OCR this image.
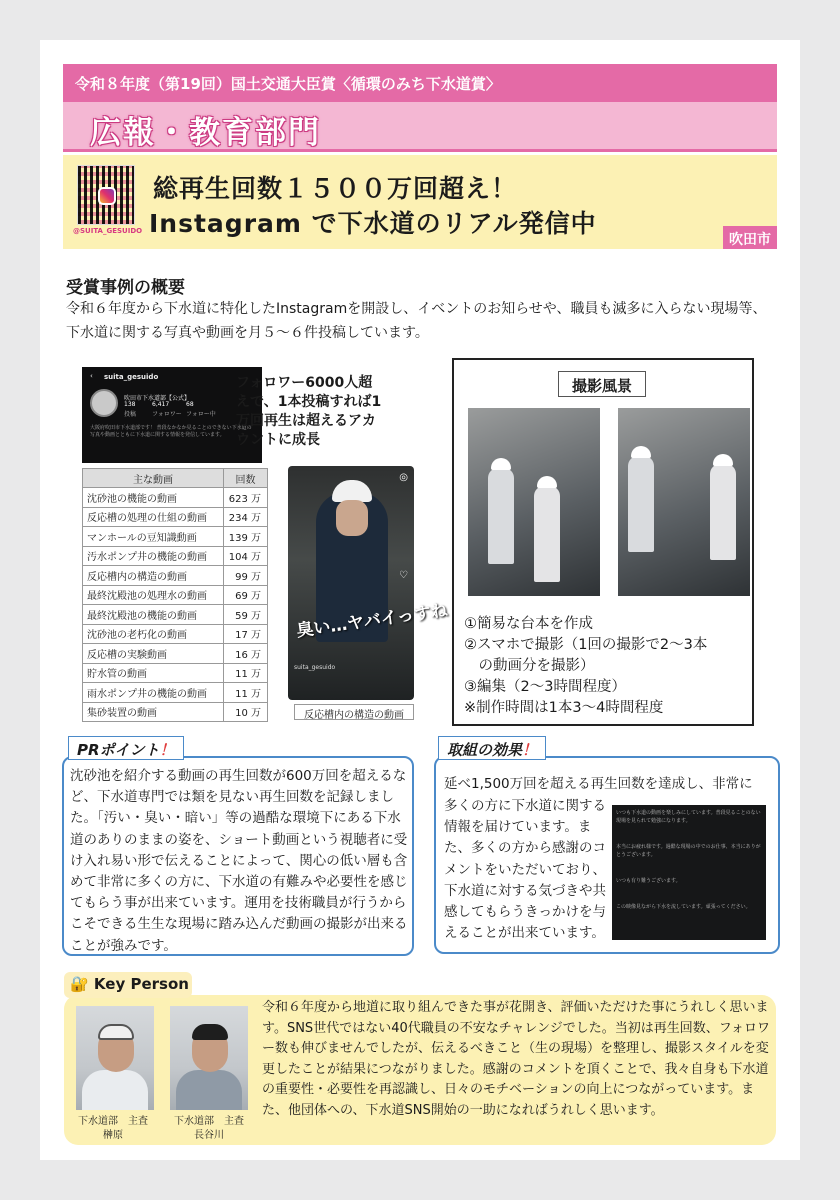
令和８年度（第19回）国土交通大臣賞〈循環のみち下水道賞〉
広報・教育部門
@SUITA_GESUIDO
総再生回数１５００万回超え！
Instagram で下水道のリアル発信中
吹田市
受賞事例の概要
令和６年度から下水道に特化したInstagramを開設し、イベントのお知らせや、職員も滅多に入らない現場等、下水道に関する写真や動画を月５～６件投稿しています。
‹ suita_gesuido
吹田市下水道部【公式】
138	6,417	68
投稿	フォロワー フォロー中
大阪府吹田市下水道部です！ 普段なかなか見ることのできない下水道の写真や動画とともに下水道に関する情報を発信しています。
フォロワー6000人超えで、1本投稿すれば1万回再生は超えるアカウントに成長
主な動画	回数
沈砂池の機能の動画	623 万
反応槽の処理の仕組の動画	234 万
マンホールの豆知識動画	139 万
汚水ポンプ井の機能の動画	104 万
反応槽内の構造の動画	99 万
最終沈殿池の処理水の動画	69 万
最終沈殿池の機能の動画	59 万
沈砂池の老朽化の動画	17 万
反応槽の実験動画	16 万
貯水管の動画	11 万
雨水ポンプ井の機能の動画	11 万
集砂装置の動画	10 万
臭い…ヤバイっすね
suita_gesuido
◎
♡
反応槽内の構造の動画
撮影風景
①簡易な台本を作成
②スマホで撮影（1回の撮影で2～3本
　の動画分を撮影）
③編集（2～3時間程度）
※制作時間は1本3～4時間程度
PRポイント！
沈砂池を紹介する動画の再生回数が600万回を超えるなど、下水道専門では類を見ない再生回数を記録しました。「汚い・臭い・暗い」等の過酷な環境下にある下水道のありのままの姿を、ショート動画という視聴者に受け入れ易い形で伝えることによって、関心の低い層も含めて非常に多くの方に、下水道の有難みや必要性を感じてもらう事が出来ています。運用を技術職員が行うからこそできる生生な現場に踏み込んだ動画の撮影が出来ることが強みです。
取組の効果！
延べ1,500万回を超える再生回数を達成し、非常に
多くの方に下水道に関する情報を届けています。また、多くの方から感謝のコメントをいただいており、下水道に対する気づきや共感してもらうきっかけを与えることが出来ています。
いつも下水道の動画を楽しみにしています。普段見ることのない現場を見られて勉強になります。
本当にお疲れ様です。過酷な現場の中でのお仕事、本当にありがとうございます。
いつも有り難うございます。
この映像見ながら下水を流しています。頑張ってください。
🔐 Key Person
下水道部　主査
榊原
下水道部　主査
長谷川
令和６年度から地道に取り組んできた事が花開き、評価いただけた事にうれしく思います。SNS世代ではない40代職員の不安なチャレンジでした。当初は再生回数、フォロワー数も伸びませんでしたが、伝えるべきこと（生の現場）を整理し、撮影スタイルを変更したことが結果につながりました。感謝のコメントを頂くことで、我々自身も下水道の重要性・必要性を再認識し、日々のモチベーションの向上につながっています。また、他団体への、下水道SNS開始の一助になればうれしく思います。
